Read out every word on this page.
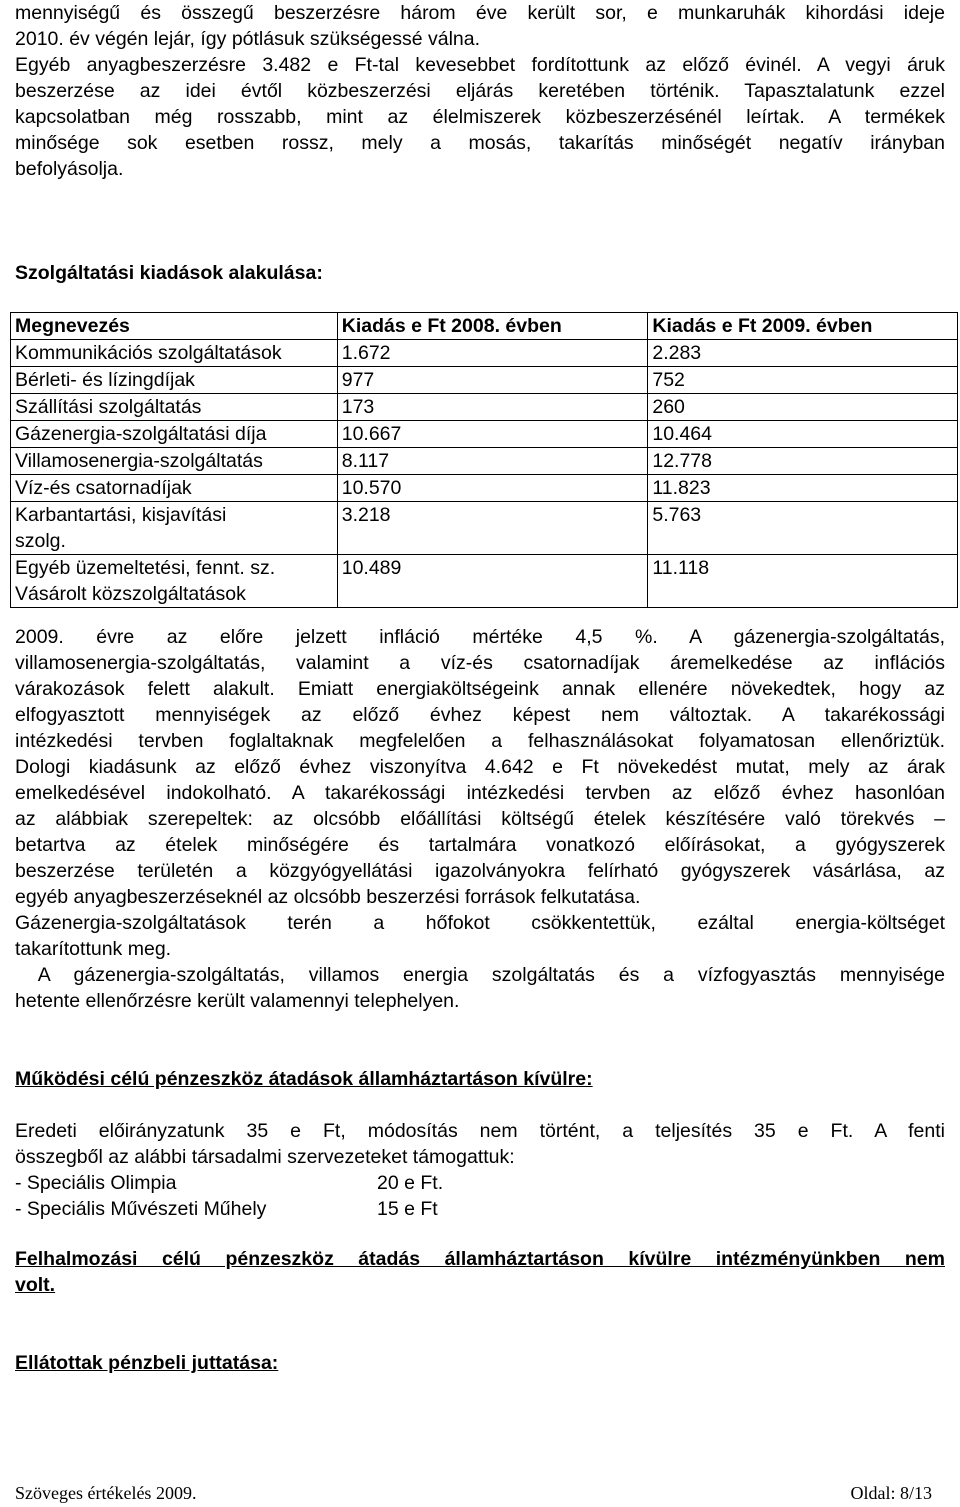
mennyiségű és összegű beszerzésre három éve került sor, e munkaruhák kihordási ideje
2010. év végén lejár, így pótlásuk szükségessé válna.
Egyéb anyagbeszerzésre 3.482 e Ft-tal kevesebbet fordítottunk az előző évinél. A vegyi áruk
beszerzése az idei évtől közbeszerzési eljárás keretében történik. Tapasztalatunk ezzel
kapcsolatban még rosszabb, mint az élelmiszerek közbeszerzésénél leírtak. A termékek
minősége sok esetben rossz, mely a mosás, takarítás minőségét negatív irányban
befolyásolja.
Szolgáltatási kiadások alakulása:
Megnevezés	Kiadás e Ft 2008. évben	Kiadás e Ft 2009. évben

Kommunikációs szolgáltatások	1.672	2.283

Bérleti- és lízingdíjak	977	752

Szállítási szolgáltatás	173	260

Gázenergia-szolgáltatási díja	10.667	10.464

Villamosenergia-szolgáltatás	8.117	12.778

Víz-és csatornadíjak	10.570	11.823

Karbantartási, kisjavítási
szolg.	3.218	5.763

Egyéb üzemeltetési, fennt. sz.
Vásárolt közszolgáltatások	10.489	11.118
2009. évre az előre jelzett infláció mértéke 4,5 %. A gázenergia-szolgáltatás,
villamosenergia-szolgáltatás, valamint a víz-és csatornadíjak áremelkedése az inflációs
várakozások felett alakult. Emiatt energiaköltségeink annak ellenére növekedtek, hogy az
elfogyasztott mennyiségek az előző évhez képest nem változtak. A takarékossági
intézkedési tervben foglaltaknak megfelelően a felhasználásokat folyamatosan ellenőriztük.
Dologi kiadásunk az előző évhez viszonyítva 4.642 e Ft növekedést mutat, mely az árak
emelkedésével indokolható. A takarékossági intézkedési tervben az előző évhez hasonlóan
az alábbiak szerepeltek: az olcsóbb előállítási költségű ételek készítésére való törekvés –
betartva az ételek minőségére és tartalmára vonatkozó előírásokat, a gyógyszerek
beszerzése területén a közgyógyellátási igazolványokra felírható gyógyszerek vásárlása, az
egyéb anyagbeszerzéseknél az olcsóbb beszerzési források felkutatása.
Gázenergia-szolgáltatások terén a hőfokot csökkentettük, ezáltal energia-költséget
takarítottunk meg.
A gázenergia-szolgáltatás, villamos energia szolgáltatás és a vízfogyasztás mennyisége
hetente ellenőrzésre került valamennyi telephelyen.
Működési célú pénzeszköz átadások államháztartáson kívülre:
Eredeti előirányzatunk 35 e Ft, módosítás nem történt, a teljesítés 35 e Ft. A fenti
összegből az alábbi társadalmi szervezeteket támogattuk:
- Speciális Olimpia	20 e Ft.
- Speciális Művészeti Műhely	15 e Ft
Felhalmozási célú pénzeszköz átadás államháztartáson kívülre intézményünkben nem
volt.
Ellátottak pénzbeli juttatása:
Szöveges értékelés 2009.	Oldal: 8/13
